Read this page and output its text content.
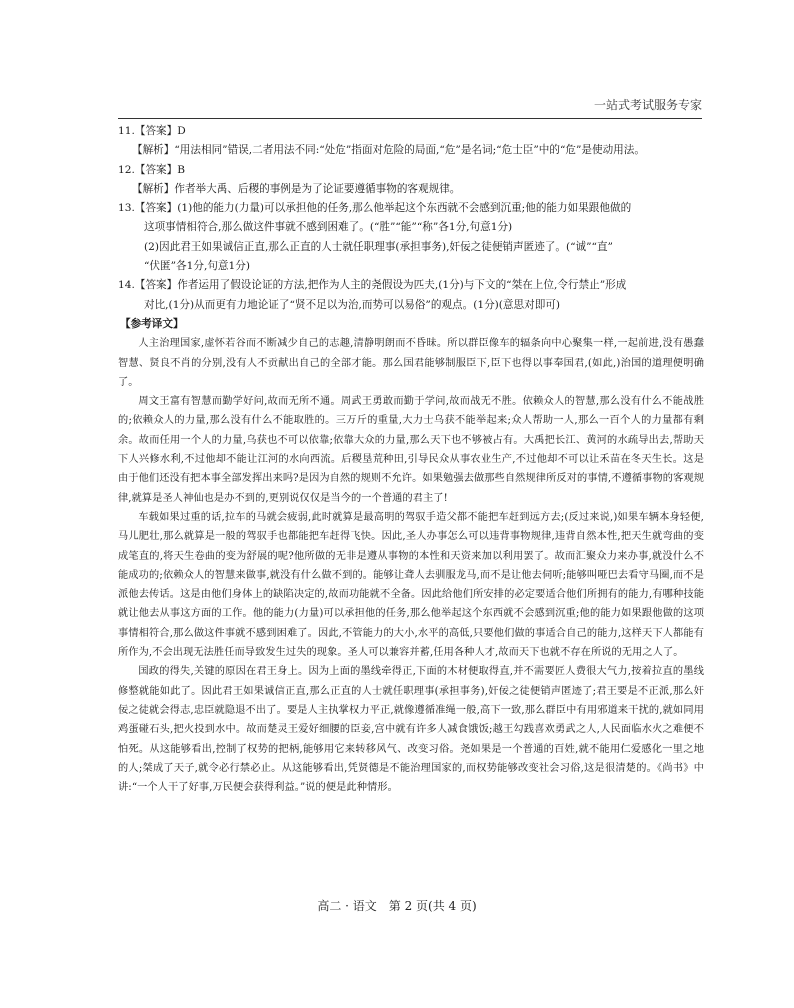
一站式考试服务专家
11.【答案】D
【解析】“用法相同”错误,二者用法不同:“处危”指面对危险的局面,“危”是名词;“危士臣”中的“危”是使动用法。
12.【答案】B
【解析】作者举大禹、后稷的事例是为了论证要遵循事物的客观规律。
13.【答案】(1)他的能力(力量)可以承担他的任务,那么他举起这个东西就不会感到沉重;他的能力如果跟他做的
这项事情相符合,那么做这件事就不感到困难了。(“胜”“能”“称”各1分,句意1分)
(2)因此君王如果诚信正直,那么正直的人士就任职理事(承担事务),奸佞之徒便销声匿迹了。(“诚”“直”
“伏匿”各1分,句意1分)
14.【答案】作者运用了假设论证的方法,把作为人主的尧假设为匹夫,(1分)与下文的“桀在上位,令行禁止”形成
对比,(1分)从而更有力地论证了“贤不足以为治,而势可以易俗”的观点。(1分)(意思对即可)
【参考译文】
人主治理国家,虚怀若谷而不断减少自己的志趣,清静明朗而不昏昧。所以群臣像车的辐条向中心聚集一样,一起前进,没有愚蠢智慧、贤良不肖的分别,没有人不贡献出自己的全部才能。那么国君能够制服臣下,臣下也得以事奉国君,(如此,)治国的道理便明确了。
周文王富有智慧而勤学好问,故而无所不通。周武王勇敢而勤于学问,故而战无不胜。依赖众人的智慧,那么没有什么不能战胜的;依赖众人的力量,那么没有什么不能取胜的。三万斤的重量,大力士乌获不能举起来;众人帮助一人,那么一百个人的力量都有剩余。故而任用一个人的力量,乌获也不可以依靠;依靠大众的力量,那么天下也不够被占有。大禹把长江、黄河的水疏导出去,帮助天下人兴修水利,不过他却不能让江河的水向西流。后稷垦荒种田,引导民众从事农业生产,不过他却不可以让禾苗在冬天生长。这是由于他们还没有把本事全部发挥出来吗?是因为自然的规则不允许。如果勉强去做那些自然规律所反对的事情,不遵循事物的客观规律,就算是圣人神仙也是办不到的,更别说仅仅是当今的一个普通的君主了!
车载如果过重的话,拉车的马就会疲弱,此时就算是最高明的驾驭手造父都不能把车赶到远方去;(反过来说,)如果车辆本身轻便,马儿肥壮,那么就算是一般的驾驭手也都能把车赶得飞快。因此,圣人办事怎么可以违背事物规律,违背自然本性,把天生就弯曲的变成笔直的,将天生卷曲的变为舒展的呢?他所做的无非是遵从事物的本性和天资来加以利用罢了。故而汇聚众力来办事,就没什么不能成功的;依赖众人的智慧来做事,就没有什么做不到的。能够让聋人去驯服龙马,而不是让他去伺听;能够叫哑巴去看守马圈,而不是派他去传话。这是由他们身体上的缺陷决定的,故而功能就不全备。因此给他们所安排的必定要适合他们所拥有的能力,有哪种技能就让他去从事这方面的工作。他的能力(力量)可以承担他的任务,那么他举起这个东西就不会感到沉重;他的能力如果跟他做的这项事情相符合,那么做这件事就不感到困难了。因此,不管能力的大小,水平的高低,只要他们做的事适合自己的能力,这样天下人都能有所作为,不会出现无法胜任而导致发生过失的现象。圣人可以兼容并蓄,任用各种人才,故而天下也就不存在所说的无用之人了。
国政的得失,关键的原因在君王身上。因为上面的墨线牵得正,下面的木材便取得直,并不需要匠人费很大气力,按着拉直的墨线修整就能如此了。因此君王如果诚信正直,那么正直的人士就任职理事(承担事务),奸佞之徒便销声匿迹了;君王要是不正派,那么奸佞之徒就会得志,忠臣就隐退不出了。要是人主执掌权力平正,就像遵循准绳一般,高下一致,那么群臣中有用邪道来干扰的,就如同用鸡蛋碰石头,把火投到水中。故而楚灵王爱好细腰的臣妾,宫中就有许多人减食饿饭;越王勾践喜欢勇武之人,人民面临水火之难便不怕死。从这能够看出,控制了权势的把柄,能够用它来转移风气、改变习俗。尧如果是一个普通的百姓,就不能用仁爱感化一里之地的人;桀成了天子,就令必行禁必止。从这能够看出,凭贤德是不能治理国家的,而权势能够改变社会习俗,这是很清楚的。《尚书》中讲:“一个人干了好事,万民便会获得利益。”说的便是此种情形。
高二 · 语文　第 2 页(共 4 页)
